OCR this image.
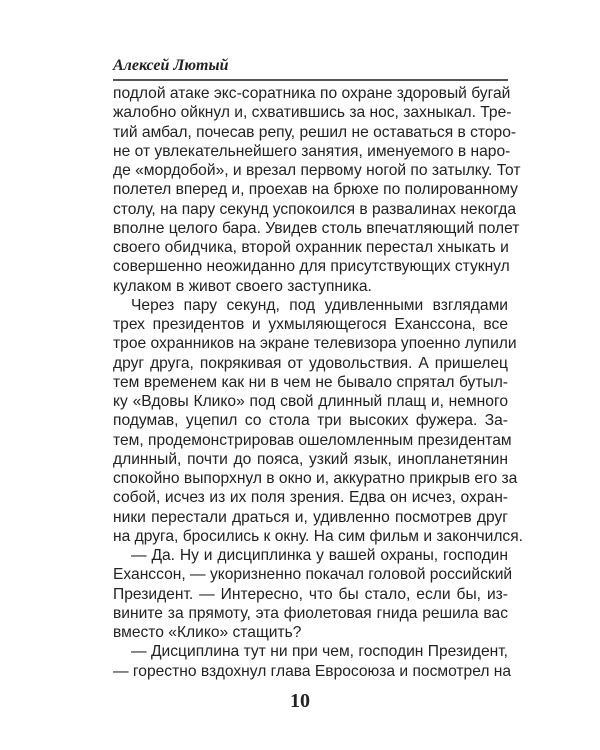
Алексей Лютый
подлой атаке экс-соратника по охране здоровый бугай
жалобно ойкнул и, схватившись за нос, захныкал. Тре-
тий амбал, почесав репу, решил не оставаться в сторо-
не от увлекательнейшего занятия, именуемого в наро-
де «мордобой», и врезал первому ногой по затылку. Тот
полетел вперед и, проехав на брюхе по полированному
столу, на пару секунд успокоился в развалинах некогда
вполне целого бара. Увидев столь впечатляющий полет
своего обидчика, второй охранник перестал хныкать и
совершенно неожиданно для присутствующих стукнул
кулаком в живот своего заступника.
Через пару секунд, под удивленными взглядами
трех президентов и ухмыляющегося Еханссона, все
трое охранников на экране телевизора упоенно лупили
друг друга, покрякивая от удовольствия. А пришелец
тем временем как ни в чем не бывало спрятал бутыл-
ку «Вдовы Клико» под свой длинный плащ и, немного
подумав, уцепил со стола три высоких фужера. За-
тем, продемонстрировав ошеломленным президентам
длинный, почти до пояса, узкий язык, инопланетянин
спокойно выпорхнул в окно и, аккуратно прикрыв его за
собой, исчез из их поля зрения. Едва он исчез, охран-
ники перестали драться и, удивленно посмотрев друг
на друга, бросились к окну. На сим фильм и закончился.
— Да. Ну и дисциплинка у вашей охраны, господин
Еханссон, — укоризненно покачал головой российский
Президент. — Интересно, что бы стало, если бы, из-
вините за прямоту, эта фиолетовая гнида решила вас
вместо «Клико» стащить?
— Дисциплина тут ни при чем, господин Президент,
— горестно вздохнул глава Евросоюза и посмотрел на
10
